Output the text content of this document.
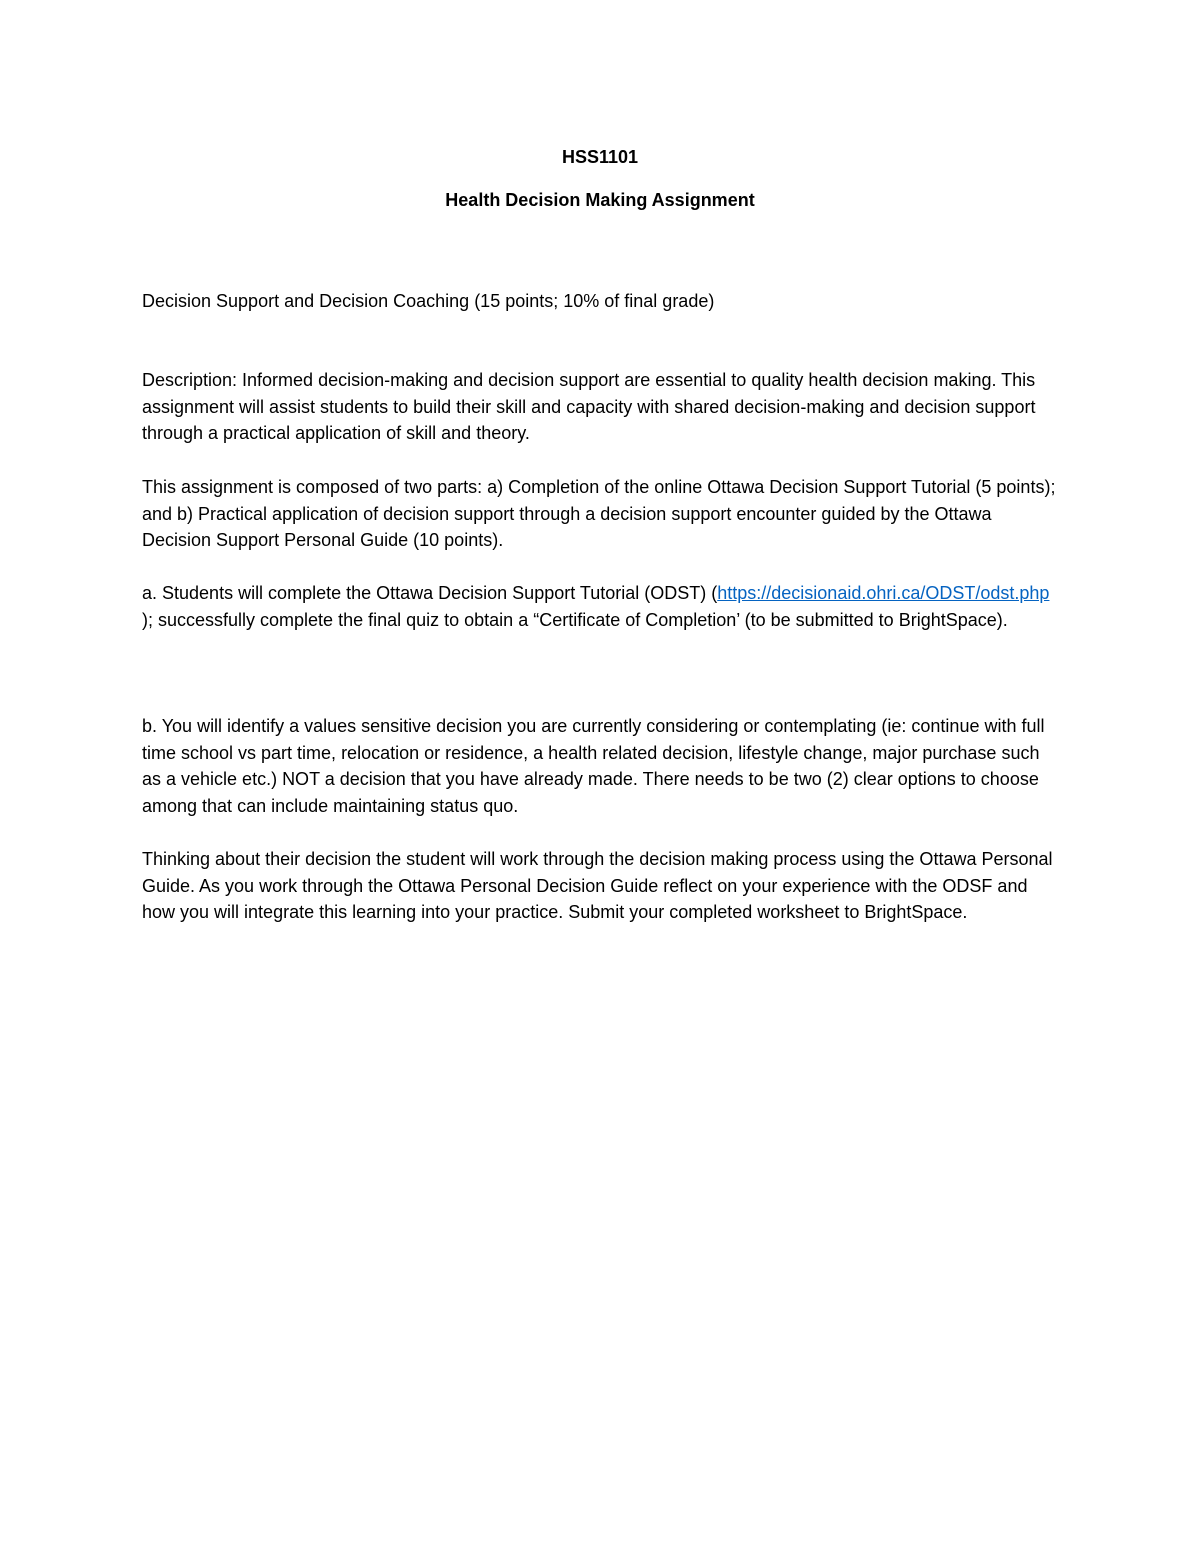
HSS1101
Health Decision Making Assignment

Decision Support and Decision Coaching (15 points; 10% of final grade)

Description: Informed decision-making and decision support are essential to quality health decision making. This assignment will assist students to build their skill and capacity with shared decision-making and decision support through a practical application of skill and theory.

This assignment is composed of two parts: a) Completion of the online Ottawa Decision Support Tutorial (5 points); and b) Practical application of decision support through a decision support encounter guided by the Ottawa Decision Support Personal Guide (10 points).

a. Students will complete the Ottawa Decision Support Tutorial (ODST) (https://decisionaid.ohri.ca/ODST/odst.php ); successfully complete the final quiz to obtain a “Certificate of Completion’ (to be submitted to BrightSpace).

b. You will identify a values sensitive decision you are currently considering or contemplating (ie: continue with full time school vs part time, relocation or residence, a health related decision, lifestyle change, major purchase such as a vehicle etc.) NOT a decision that you have already made. There needs to be two (2) clear options to choose among that can include maintaining status quo.

Thinking about their decision the student will work through the decision making process using the Ottawa Personal Guide. As you work through the Ottawa Personal Decision Guide reflect on your experience with the ODSF and how you will integrate this learning into your practice. Submit your completed worksheet to BrightSpace.
